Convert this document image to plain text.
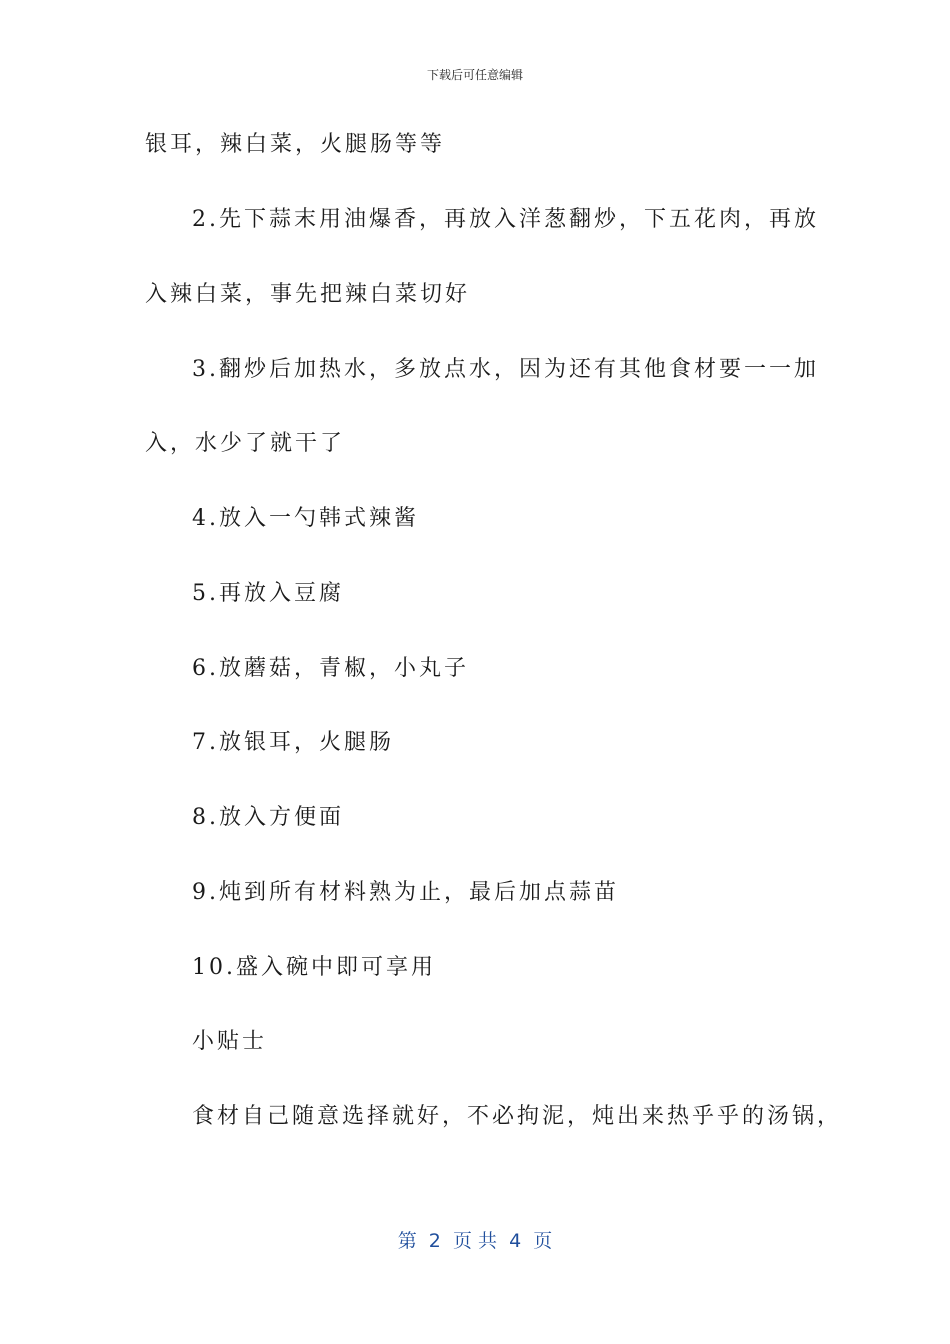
下载后可任意编辑
银耳，辣白菜，火腿肠等等
2.先下蒜末用油爆香，再放入洋葱翻炒，下五花肉，再放
入辣白菜，事先把辣白菜切好
3.翻炒后加热水，多放点水，因为还有其他食材要一一加
入，水少了就干了
4.放入一勺韩式辣酱
5.再放入豆腐
6.放蘑菇，青椒，小丸子
7.放银耳，火腿肠
8.放入方便面
9.炖到所有材料熟为止，最后加点蒜苗
10.盛入碗中即可享用
小贴士
食材自己随意选择就好，不必拘泥，炖出来热乎乎的汤锅，
第  2  页 共  4  页
